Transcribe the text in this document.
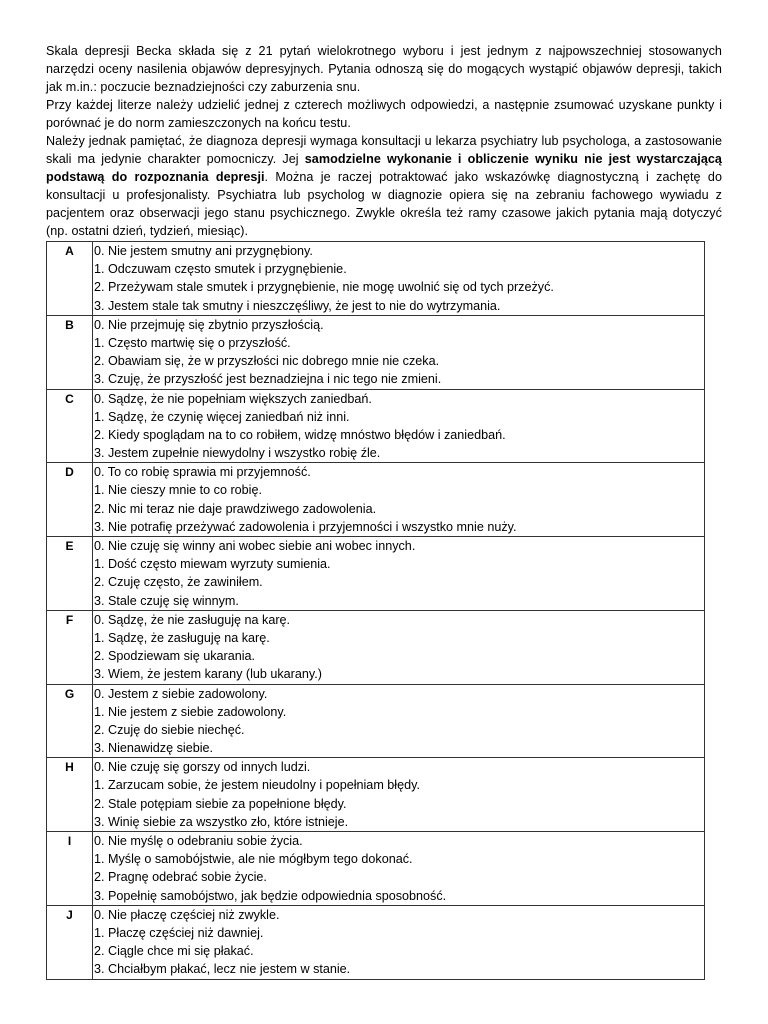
Skala depresji Becka składa się z 21 pytań wielokrotnego wyboru i jest jednym z najpowszechniej stosowanych narzędzi oceny nasilenia objawów depresyjnych. Pytania odnoszą się do mogących wystąpić objawów depresji, takich jak m.in.: poczucie beznadziejności czy zaburzenia snu.

Przy każdej literze należy udzielić jednej z czterech możliwych odpowiedzi, a następnie zsumować uzyskane punkty i porównać je do norm zamieszczonych na końcu testu.

Należy jednak pamiętać, że diagnoza depresji wymaga konsultacji u lekarza psychiatry lub psychologa, a zastosowanie skali ma jedynie charakter pomocniczy. Jej samodzielne wykonanie i obliczenie wyniku nie jest wystarczającą podstawą do rozpoznania depresji. Można je raczej potraktować jako wskazówkę diagnostyczną i zachętę do konsultacji u profesjonalisty. Psychiatra lub psycholog w diagnozie opiera się na zebraniu fachowego wywiadu z pacjentem oraz obserwacji jego stanu psychicznego. Zwykle określa też ramy czasowe jakich pytania mają dotyczyć (np. ostatni dzień, tydzień, miesiąc).

A	0. Nie jestem smutny ani przygnębiony.
1. Odczuwam często smutek i przygnębienie.
2. Przeżywam stale smutek i przygnębienie, nie mogę uwolnić się od tych przeżyć.
3. Jestem stale tak smutny i nieszczęśliwy, że jest to nie do wytrzymania.

B	0. Nie przejmuję się zbytnio przyszłością.
1. Często martwię się o przyszłość.
2. Obawiam się, że w przyszłości nic dobrego mnie nie czeka.
3. Czuję, że przyszłość jest beznadziejna i nic tego nie zmieni.

C	0. Sądzę, że nie popełniam większych zaniedbań.
1. Sądzę, że czynię więcej zaniedbań niż inni.
2. Kiedy spoglądam na to co robiłem, widzę mnóstwo błędów i zaniedbań.
3. Jestem zupełnie niewydolny i wszystko robię źle.

D	0. To co robię sprawia mi przyjemność.
1. Nie cieszy mnie to co robię.
2. Nic mi teraz nie daje prawdziwego zadowolenia.
3. Nie potrafię przeżywać zadowolenia i przyjemności i wszystko mnie nuży.

E	0. Nie czuję się winny ani wobec siebie ani wobec innych.
1. Dość często miewam wyrzuty sumienia.
2. Czuję często, że zawiniłem.
3. Stale czuję się winnym.

F	0. Sądzę, że nie zasługuję na karę.
1. Sądzę, że zasługuję na karę.
2. Spodziewam się ukarania.
3. Wiem, że jestem karany (lub ukarany.)

G	0. Jestem z siebie zadowolony.
1. Nie jestem z siebie zadowolony.
2. Czuję do siebie niechęć.
3. Nienawidzę siebie.

H	0. Nie czuję się gorszy od innych ludzi.
1. Zarzucam sobie, że jestem nieudolny i popełniam błędy.
2. Stale potępiam siebie za popełnione błędy.
3. Winię siebie za wszystko zło, które istnieje.

I	0. Nie myślę o odebraniu sobie życia.
1. Myślę o samobójstwie, ale nie mógłbym tego dokonać.
2. Pragnę odebrać sobie życie.
3. Popełnię samobójstwo, jak będzie odpowiednia sposobność.

J	0. Nie płaczę częściej niż zwykle.
1. Płaczę częściej niż dawniej.
2. Ciągle chce mi się płakać.
3. Chciałbym płakać, lecz nie jestem w stanie.
